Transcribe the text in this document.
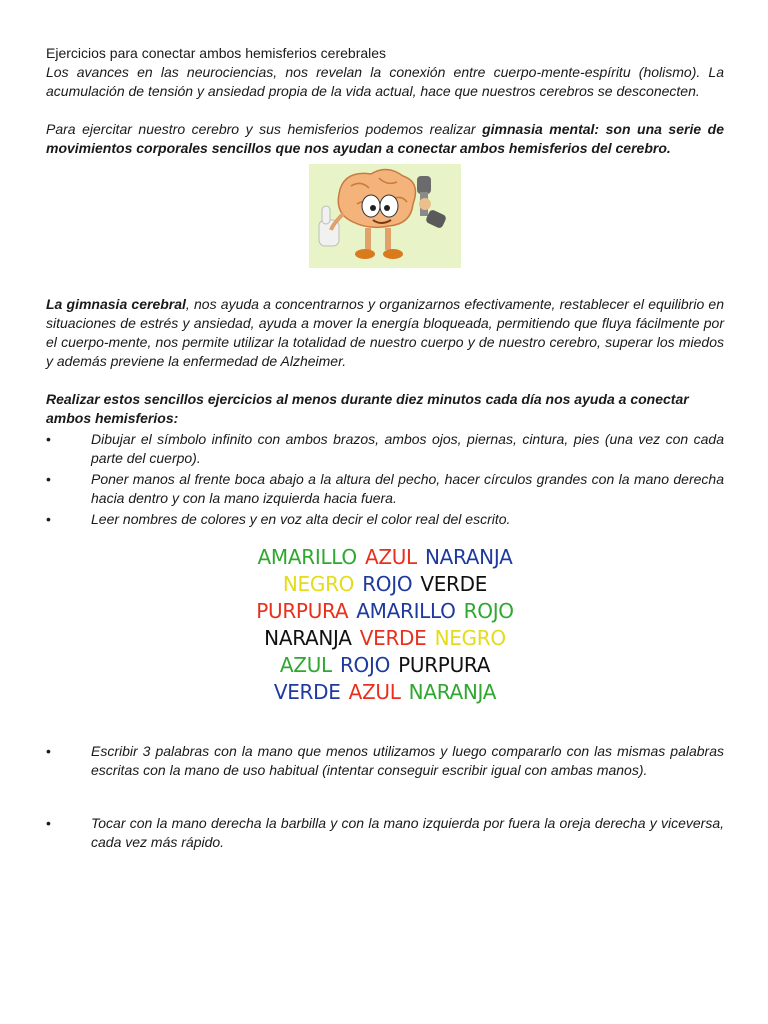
Ejercicios para conectar ambos hemisferios cerebrales

Los avances en las neurociencias, nos revelan la conexión entre cuerpo-mente-espíritu (holismo). La acumulación de tensión y ansiedad propia de la vida actual, hace que nuestros cerebros se desconecten.

Para ejercitar nuestro cerebro y sus hemisferios podemos realizar gimnasia mental: son una serie de movimientos corporales sencillos que nos ayudan a conectar ambos hemisferios del cerebro.

La gimnasia cerebral, nos ayuda a concentrarnos y organizarnos efectivamente, restablecer el equilibrio en situaciones de estrés y ansiedad, ayuda a mover la energía bloqueada, permitiendo que fluya fácilmente por el cuerpo-mente, nos permite utilizar la totalidad de nuestro cuerpo y de nuestro cerebro, superar los miedos y además previene la enfermedad de Alzheimer.

Realizar estos sencillos ejercicios al menos durante diez minutos cada día nos ayuda a conectar ambos hemisferios:

•	Dibujar el símbolo infinito con ambos brazos, ambos ojos, piernas, cintura, pies (una vez con cada parte del cuerpo).

•	Poner manos al frente boca abajo a la altura del pecho, hacer círculos grandes con la mano derecha hacia dentro y con la mano izquierda hacia fuera.

•	Leer nombres de colores y en voz alta decir el color real del escrito.

AMARILLO AZUL NARANJA
NEGRO ROJO VERDE
PURPURA AMARILLO ROJO
NARANJA VERDE NEGRO
AZUL ROJO PURPURA
VERDE AZUL NARANJA

•	Escribir 3 palabras con la mano que menos utilizamos y luego compararlo con las mismas palabras escritas con la mano de uso habitual (intentar conseguir escribir igual con ambas manos).

•	Tocar con la mano derecha la barbilla y con la mano izquierda por fuera la oreja derecha y viceversa, cada vez más rápido.
